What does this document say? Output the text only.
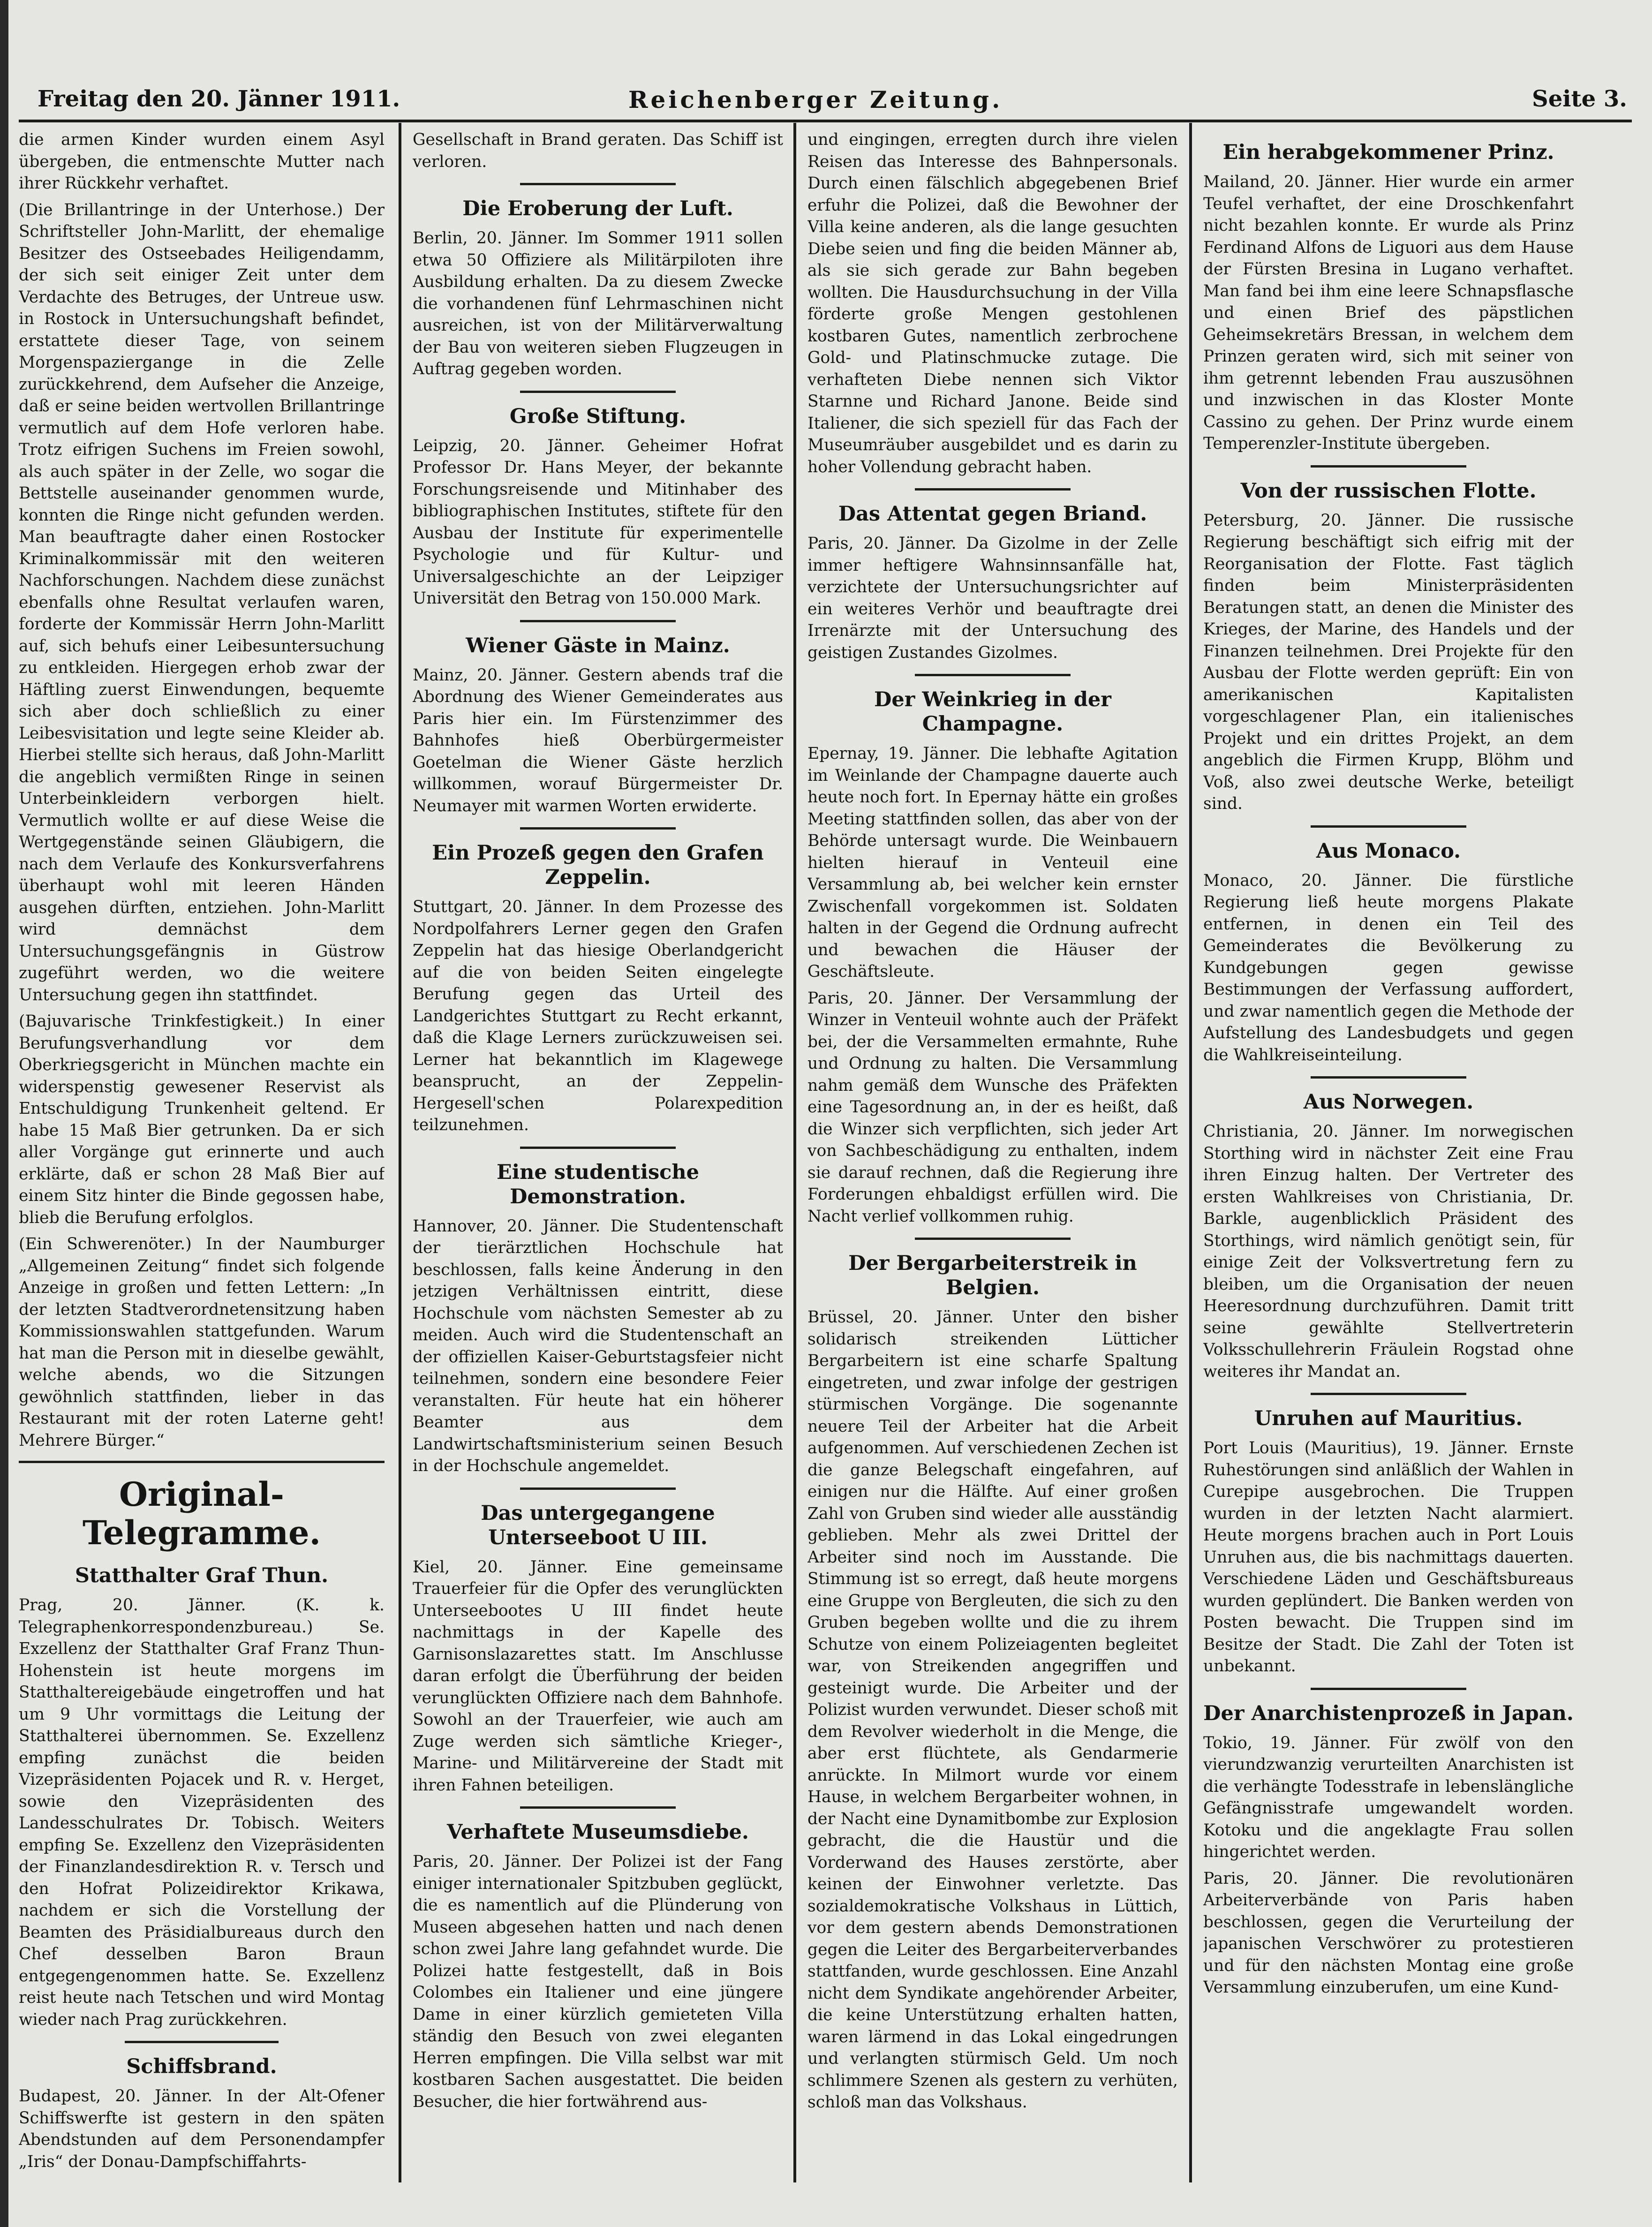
Freitag den 20. Jänner 1911.	Reichenberger Zeitung.	Seite 3.

die armen Kinder wurden einem Asyl übergeben, die entmenschte Mutter nach ihrer Rückkehr verhaftet.

(Die Brillantringe in der Unterhose.) Der Schriftsteller John-Marlitt, der ehemalige Besitzer des Ostseebades Heiligendamm, der sich seit einiger Zeit unter dem Verdachte des Betruges, der Untreue usw. in Rostock in Untersuchungshaft befindet, erstattete dieser Tage, von seinem Morgenspaziergange in die Zelle zurückkehrend, dem Aufseher die Anzeige, daß er seine beiden wertvollen Brillantringe vermutlich auf dem Hofe verloren habe. Trotz eifrigen Suchens im Freien sowohl, als auch später in der Zelle, wo sogar die Bettstelle auseinander genommen wurde, konnten die Ringe nicht gefunden werden. Man beauftragte daher einen Rostocker Kriminalkommissär mit den weiteren Nachforschungen. Nachdem diese zunächst ebenfalls ohne Resultat verlaufen waren, forderte der Kommissär Herrn John-Marlitt auf, sich behufs einer Leibesuntersuchung zu entkleiden. Hiergegen erhob zwar der Häftling zuerst Einwendungen, bequemte sich aber doch schließlich zu einer Leibesvisitation und legte seine Kleider ab. Hierbei stellte sich heraus, daß John-Marlitt die angeblich vermißten Ringe in seinen Unterbeinkleidern verborgen hielt. Vermutlich wollte er auf diese Weise die Wertgegenstände seinen Gläubigern, die nach dem Verlaufe des Konkursverfahrens überhaupt wohl mit leeren Händen ausgehen dürften, entziehen. John-Marlitt wird demnächst dem Untersuchungsgefängnis in Güstrow zugeführt werden, wo die weitere Untersuchung gegen ihn stattfindet.

(Bajuvarische Trinkfestigkeit.) In einer Berufungsverhandlung vor dem Oberkriegsgericht in München machte ein widerspenstig gewesener Reservist als Entschuldigung Trunkenheit geltend. Er habe 15 Maß Bier getrunken. Da er sich aller Vorgänge gut erinnerte und auch erklärte, daß er schon 28 Maß Bier auf einem Sitz hinter die Binde gegossen habe, blieb die Berufung erfolglos.

(Ein Schwerenöter.) In der Naumburger „Allgemeinen Zeitung“ findet sich folgende Anzeige in großen und fetten Lettern: „In der letzten Stadtverordnetensitzung haben Kommissionswahlen stattgefunden. Warum hat man die Person mit in dieselbe gewählt, welche abends, wo die Sitzungen gewöhnlich stattfinden, lieber in das Restaurant mit der roten Laterne geht! Mehrere Bürger.“

Original-Telegramme.
Statthalter Graf Thun.

Prag, 20. Jänner. (K. k. Telegraphenkorrespondenzbureau.) Se. Exzellenz der Statthalter Graf Franz Thun-Hohenstein ist heute morgens im Statthaltereigebäude eingetroffen und hat um 9 Uhr vormittags die Leitung der Statthalterei übernommen. Se. Exzellenz empfing zunächst die beiden Vizepräsidenten Pojacek und R. v. Herget, sowie den Vizepräsidenten des Landesschulrates Dr. Tobisch. Weiters empfing Se. Exzellenz den Vizepräsidenten der Finanzlandesdirektion R. v. Tersch und den Hofrat Polizeidirektor Krikawa, nachdem er sich die Vorstellung der Beamten des Präsidialbureaus durch den Chef desselben Baron Braun entgegengenommen hatte. Se. Exzellenz reist heute nach Tetschen und wird Montag wieder nach Prag zurückkehren.

Schiffsbrand.

Budapest, 20. Jänner. In der Alt-Ofener Schiffswerfte ist gestern in den späten Abendstunden auf dem Personendampfer „Iris“ der Donau-Dampfschiffahrts-

Gesellschaft in Brand geraten. Das Schiff ist verloren.

Die Eroberung der Luft.

Berlin, 20. Jänner. Im Sommer 1911 sollen etwa 50 Offiziere als Militärpiloten ihre Ausbildung erhalten. Da zu diesem Zwecke die vorhandenen fünf Lehrmaschinen nicht ausreichen, ist von der Militärverwaltung der Bau von weiteren sieben Flugzeugen in Auftrag gegeben worden.

Große Stiftung.

Leipzig, 20. Jänner. Geheimer Hofrat Professor Dr. Hans Meyer, der bekannte Forschungsreisende und Mitinhaber des bibliographischen Institutes, stiftete für den Ausbau der Institute für experimentelle Psychologie und für Kultur- und Universalgeschichte an der Leipziger Universität den Betrag von 150.000 Mark.

Wiener Gäste in Mainz.

Mainz, 20. Jänner. Gestern abends traf die Abordnung des Wiener Gemeinderates aus Paris hier ein. Im Fürstenzimmer des Bahnhofes hieß Oberbürgermeister Goetelman die Wiener Gäste herzlich willkommen, worauf Bürgermeister Dr. Neumayer mit warmen Worten erwiderte.

Ein Prozeß gegen den Grafen Zeppelin.

Stuttgart, 20. Jänner. In dem Prozesse des Nordpolfahrers Lerner gegen den Grafen Zeppelin hat das hiesige Oberlandgericht auf die von beiden Seiten eingelegte Berufung gegen das Urteil des Landgerichtes Stuttgart zu Recht erkannt, daß die Klage Lerners zurückzuweisen sei. Lerner hat bekanntlich im Klagewege beansprucht, an der Zeppelin-Hergesell'schen Polarexpedition teilzunehmen.

Eine studentische Demonstration.

Hannover, 20. Jänner. Die Studentenschaft der tierärztlichen Hochschule hat beschlossen, falls keine Änderung in den jetzigen Verhältnissen eintritt, diese Hochschule vom nächsten Semester ab zu meiden. Auch wird die Studentenschaft an der offiziellen Kaiser-Geburtstagsfeier nicht teilnehmen, sondern eine besondere Feier veranstalten. Für heute hat ein höherer Beamter aus dem Landwirtschaftsministerium seinen Besuch in der Hochschule angemeldet.

Das untergegangene Unterseeboot U III.

Kiel, 20. Jänner. Eine gemeinsame Trauerfeier für die Opfer des verunglückten Unterseebootes U III findet heute nachmittags in der Kapelle des Garnisonslazarettes statt. Im Anschlusse daran erfolgt die Überführung der beiden verunglückten Offiziere nach dem Bahnhofe. Sowohl an der Trauerfeier, wie auch am Zuge werden sich sämtliche Krieger-, Marine- und Militärvereine der Stadt mit ihren Fahnen beteiligen.

Verhaftete Museumsdiebe.

Paris, 20. Jänner. Der Polizei ist der Fang einiger internationaler Spitzbuben geglückt, die es namentlich auf die Plünderung von Museen abgesehen hatten und nach denen schon zwei Jahre lang gefahndet wurde. Die Polizei hatte festgestellt, daß in Bois Colombes ein Italiener und eine jüngere Dame in einer kürzlich gemieteten Villa ständig den Besuch von zwei eleganten Herren empfingen. Die Villa selbst war mit kostbaren Sachen ausgestattet. Die beiden Besucher, die hier fortwährend aus-

und eingingen, erregten durch ihre vielen Reisen das Interesse des Bahnpersonals. Durch einen fälschlich abgegebenen Brief erfuhr die Polizei, daß die Bewohner der Villa keine anderen, als die lange gesuchten Diebe seien und fing die beiden Männer ab, als sie sich gerade zur Bahn begeben wollten. Die Hausdurchsuchung in der Villa förderte große Mengen gestohlenen kostbaren Gutes, namentlich zerbrochene Gold- und Platinschmucke zutage. Die verhafteten Diebe nennen sich Viktor Starnne und Richard Janone. Beide sind Italiener, die sich speziell für das Fach der Museumräuber ausgebildet und es darin zu hoher Vollendung gebracht haben.

Das Attentat gegen Briand.

Paris, 20. Jänner. Da Gizolme in der Zelle immer heftigere Wahnsinnsanfälle hat, verzichtete der Untersuchungsrichter auf ein weiteres Verhör und beauftragte drei Irrenärzte mit der Untersuchung des geistigen Zustandes Gizolmes.

Der Weinkrieg in der Champagne.

Epernay, 19. Jänner. Die lebhafte Agitation im Weinlande der Champagne dauerte auch heute noch fort. In Epernay hätte ein großes Meeting stattfinden sollen, das aber von der Behörde untersagt wurde. Die Weinbauern hielten hierauf in Venteuil eine Versammlung ab, bei welcher kein ernster Zwischenfall vorgekommen ist. Soldaten halten in der Gegend die Ordnung aufrecht und bewachen die Häuser der Geschäftsleute.

Paris, 20. Jänner. Der Versammlung der Winzer in Venteuil wohnte auch der Präfekt bei, der die Versammelten ermahnte, Ruhe und Ordnung zu halten. Die Versammlung nahm gemäß dem Wunsche des Präfekten eine Tagesordnung an, in der es heißt, daß die Winzer sich verpflichten, sich jeder Art von Sachbeschädigung zu enthalten, indem sie darauf rechnen, daß die Regierung ihre Forderungen ehbaldigst erfüllen wird. Die Nacht verlief vollkommen ruhig.

Der Bergarbeiterstreik in Belgien.

Brüssel, 20. Jänner. Unter den bisher solidarisch streikenden Lütticher Bergarbeitern ist eine scharfe Spaltung eingetreten, und zwar infolge der gestrigen stürmischen Vorgänge. Die sogenannte neuere Teil der Arbeiter hat die Arbeit aufgenommen. Auf verschiedenen Zechen ist die ganze Belegschaft eingefahren, auf einigen nur die Hälfte. Auf einer großen Zahl von Gruben sind wieder alle ausständig geblieben. Mehr als zwei Drittel der Arbeiter sind noch im Ausstande. Die Stimmung ist so erregt, daß heute morgens eine Gruppe von Bergleuten, die sich zu den Gruben begeben wollte und die zu ihrem Schutze von einem Polizeiagenten begleitet war, von Streikenden angegriffen und gesteinigt wurde. Die Arbeiter und der Polizist wurden verwundet. Dieser schoß mit dem Revolver wiederholt in die Menge, die aber erst flüchtete, als Gendarmerie anrückte. In Milmort wurde vor einem Hause, in welchem Bergarbeiter wohnen, in der Nacht eine Dynamitbombe zur Explosion gebracht, die die Haustür und die Vorderwand des Hauses zerstörte, aber keinen der Einwohner verletzte. Das sozialdemokratische Volkshaus in Lüttich, vor dem gestern abends Demonstrationen gegen die Leiter des Bergarbeiterverbandes stattfanden, wurde geschlossen. Eine Anzahl nicht dem Syndikate angehörender Arbeiter, die keine Unterstützung erhalten hatten, waren lärmend in das Lokal eingedrungen und verlangten stürmisch Geld. Um noch schlimmere Szenen als gestern zu verhüten, schloß man das Volkshaus.

Ein herabgekommener Prinz.

Mailand, 20. Jänner. Hier wurde ein armer Teufel verhaftet, der eine Droschkenfahrt nicht bezahlen konnte. Er wurde als Prinz Ferdinand Alfons de Liguori aus dem Hause der Fürsten Bresina in Lugano verhaftet. Man fand bei ihm eine leere Schnapsflasche und einen Brief des päpstlichen Geheimsekretärs Bressan, in welchem dem Prinzen geraten wird, sich mit seiner von ihm getrennt lebenden Frau auszusöhnen und inzwischen in das Kloster Monte Cassino zu gehen. Der Prinz wurde einem Temperenzler-Institute übergeben.

Von der russischen Flotte.

Petersburg, 20. Jänner. Die russische Regierung beschäftigt sich eifrig mit der Reorganisation der Flotte. Fast täglich finden beim Ministerpräsidenten Beratungen statt, an denen die Minister des Krieges, der Marine, des Handels und der Finanzen teilnehmen. Drei Projekte für den Ausbau der Flotte werden geprüft: Ein von amerikanischen Kapitalisten vorgeschlagener Plan, ein italienisches Projekt und ein drittes Projekt, an dem angeblich die Firmen Krupp, Blöhm und Voß, also zwei deutsche Werke, beteiligt sind.

Aus Monaco.

Monaco, 20. Jänner. Die fürstliche Regierung ließ heute morgens Plakate entfernen, in denen ein Teil des Gemeinderates die Bevölkerung zu Kundgebungen gegen gewisse Bestimmungen der Verfassung auffordert, und zwar namentlich gegen die Methode der Aufstellung des Landesbudgets und gegen die Wahlkreiseinteilung.

Aus Norwegen.

Christiania, 20. Jänner. Im norwegischen Storthing wird in nächster Zeit eine Frau ihren Einzug halten. Der Vertreter des ersten Wahlkreises von Christiania, Dr. Barkle, augenblicklich Präsident des Storthings, wird nämlich genötigt sein, für einige Zeit der Volksvertretung fern zu bleiben, um die Organisation der neuen Heeresordnung durchzuführen. Damit tritt seine gewählte Stellvertreterin Volksschullehrerin Fräulein Rogstad ohne weiteres ihr Mandat an.

Unruhen auf Mauritius.

Port Louis (Mauritius), 19. Jänner. Ernste Ruhestörungen sind anläßlich der Wahlen in Curepipe ausgebrochen. Die Truppen wurden in der letzten Nacht alarmiert. Heute morgens brachen auch in Port Louis Unruhen aus, die bis nachmittags dauerten. Verschiedene Läden und Geschäftsbureaus wurden geplündert. Die Banken werden von Posten bewacht. Die Truppen sind im Besitze der Stadt. Die Zahl der Toten ist unbekannt.

Der Anarchistenprozeß in Japan.

Tokio, 19. Jänner. Für zwölf von den vierundzwanzig verurteilten Anarchisten ist die verhängte Todesstrafe in lebenslängliche Gefängnisstrafe umgewandelt worden. Kotoku und die angeklagte Frau sollen hingerichtet werden.

Paris, 20. Jänner. Die revolutionären Arbeiterverbände von Paris haben beschlossen, gegen die Verurteilung der japanischen Verschwörer zu protestieren und für den nächsten Montag eine große Versammlung einzuberufen, um eine Kund-
